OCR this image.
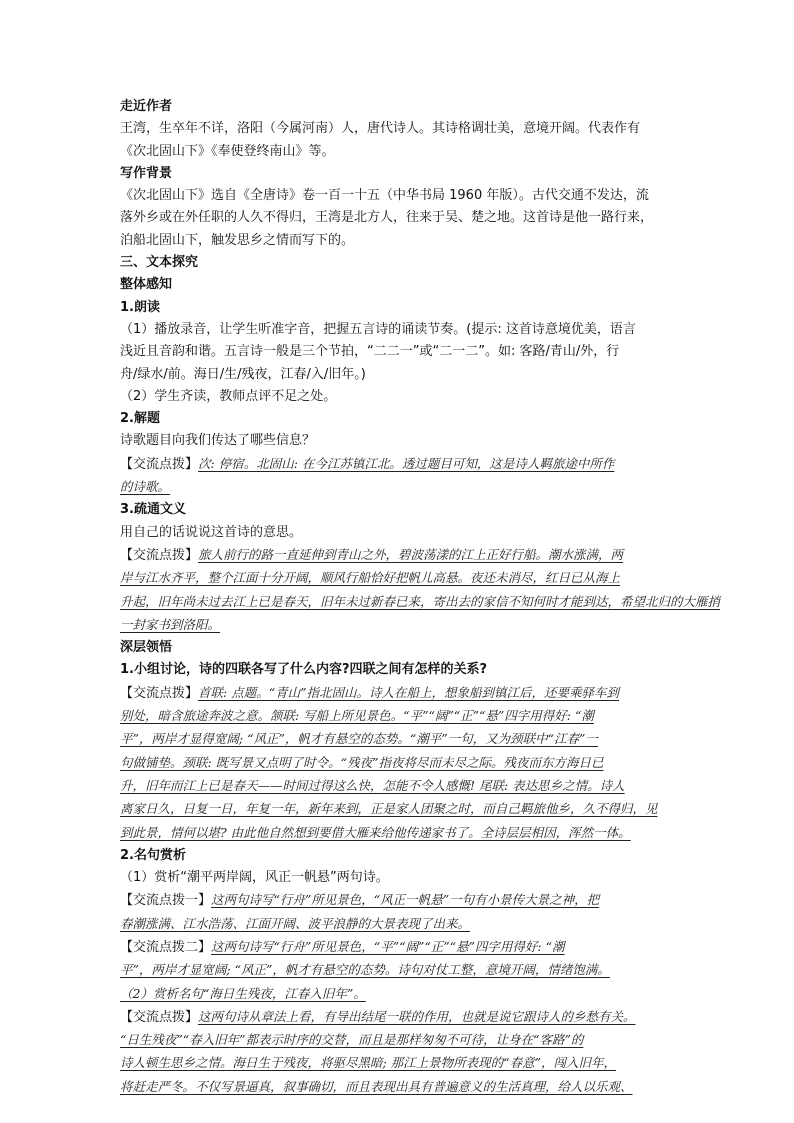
走近作者

王湾，生卒年不详，洛阳（今属河南）人，唐代诗人。其诗格调壮美，意境开阔。代表作有

《次北固山下》《奉使登终南山》等。

写作背景

《次北固山下》选自《全唐诗》卷一百一十五（中华书局 1960 年版）。古代交通不发达，流

落外乡或在外任职的人久不得归，王湾是北方人，往来于吴、楚之地。这首诗是他一路行来，

泊船北固山下，触发思乡之情而写下的。

三、文本探究

整体感知

1.朗读

（1）播放录音，让学生听准字音，把握五言诗的诵读节奏。(提示: 这首诗意境优美，语言

浅近且音韵和谐。五言诗一般是三个节拍，“二二一”或“二一二”。如: 客路/青山/外，行

舟/绿水/前。海日/生/残夜，江春/入/旧年。)

（2）学生齐读，教师点评不足之处。

2.解题

诗歌题目向我们传达了哪些信息？

【交流点拨】次: 停宿。北固山: 在今江苏镇江北。透过题目可知，这是诗人羁旅途中所作

的诗歌。

3.疏通文义

用自己的话说说这首诗的意思。

【交流点拨】旅人前行的路一直延伸到青山之外，碧波荡漾的江上正好行船。潮水涨满，两

岸与江水齐平，整个江面十分开阔，顺风行船恰好把帆儿高悬。夜还未消尽，红日已从海上

升起，旧年尚未过去江上已是春天，旧年未过新春已来，寄出去的家信不知何时才能到达，希望北归的大雁捎

一封家书到洛阳。

深层领悟

1.小组讨论，诗的四联各写了什么内容?四联之间有怎样的关系?

【交流点拨】首联: 点题。“青山”指北固山。诗人在船上，想象船到镇江后，还要乘驿车到

别处，暗含旅途奔波之意。颔联: 写船上所见景色。“平”“阔”“正”“悬”四字用得好: “潮

平”，两岸才显得宽阔; “风正”，帆才有悬空的态势。“潮平”一句，又为颈联中“江春”一

句做铺垫。颈联: 既写景又点明了时令。“残夜”指夜将尽而未尽之际。残夜而东方海日已

升，旧年而江上已是春天——时间过得这么快，怎能不令人感慨! 尾联: 表达思乡之情。诗人

离家日久，日复一日，年复一年，新年来到，正是家人团聚之时，而自己羁旅他乡，久不得归，见

到此景，情何以堪? 由此他自然想到要借大雁来给他传递家书了。全诗层层相因，浑然一体。

2.名句赏析

（1）赏析“潮平两岸阔，风正一帆悬”两句诗。

【交流点拨一】这两句诗写“行舟”所见景色，“风正一帆悬”一句有小景传大景之神，把

春潮涨满、江水浩荡、江面开阔、波平浪静的大景表现了出来。

【交流点拨二】这两句诗写“行舟”所见景色，“平”“阔”“正”“悬”四字用得好: “潮

平”，两岸才显宽阔; “风正”，帆才有悬空的态势。诗句对仗工整，意境开阔，情绪饱满。

（2）赏析名句“海日生残夜，江春入旧年”。

【交流点拨】这两句诗从章法上看，有导出结尾一联的作用，也就是说它跟诗人的乡愁有关。

“日生残夜”“春入旧年”都表示时序的交替，而且是那样匆匆不可待，让身在“客路”的

诗人顿生思乡之情。海日生于残夜，将驱尽黑暗; 那江上景物所表现的“春意”，闯入旧年，

将赶走严冬。不仅写景逼真，叙事确切，而且表现出具有普遍意义的生活真理，给人以乐观、
